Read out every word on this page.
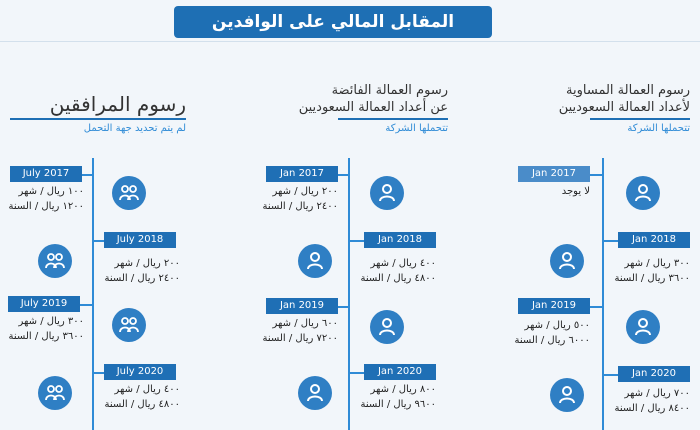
المقابل المالي على الوافدين
رسوم العمالة المساوية
لأعداد العمالة السعوديين
تتحملها الشركة
Jan 2017
لا يوجد
Jan 2018
٣٠٠ ريال / شهر
٣٦٠٠ ريال / السنة
Jan 2019
٥٠٠ ريال / شهر
٦٠٠٠ ريال / السنة
Jan 2020
٧٠٠ ريال / شهر
٨٤٠٠ ريال / السنة
رسوم العمالة الفائضة
عن أعداد العمالة السعوديين
تتحملها الشركة
Jan 2017
٢٠٠ ريال / شهر
٢٤٠٠ ريال / السنة
Jan 2018
٤٠٠ ريال / شهر
٤٨٠٠ ريال / السنة
Jan 2019
٦٠٠ ريال / شهر
٧٢٠٠ ريال / السنة
Jan 2020
٨٠٠ ريال / شهر
٩٦٠٠ ريال / السنة
رسوم المرافقين
لم يتم تحديد جهة التحمل
July 2017
١٠٠ ريال / شهر
١٢٠٠ ريال / السنة
July 2018
٢٠٠ ريال / شهر
٢٤٠٠ ريال / السنة
July 2019
٣٠٠ ريال / شهر
٣٦٠٠ ريال / السنة
July 2020
٤٠٠ ريال / شهر
٤٨٠٠ ريال / السنة
